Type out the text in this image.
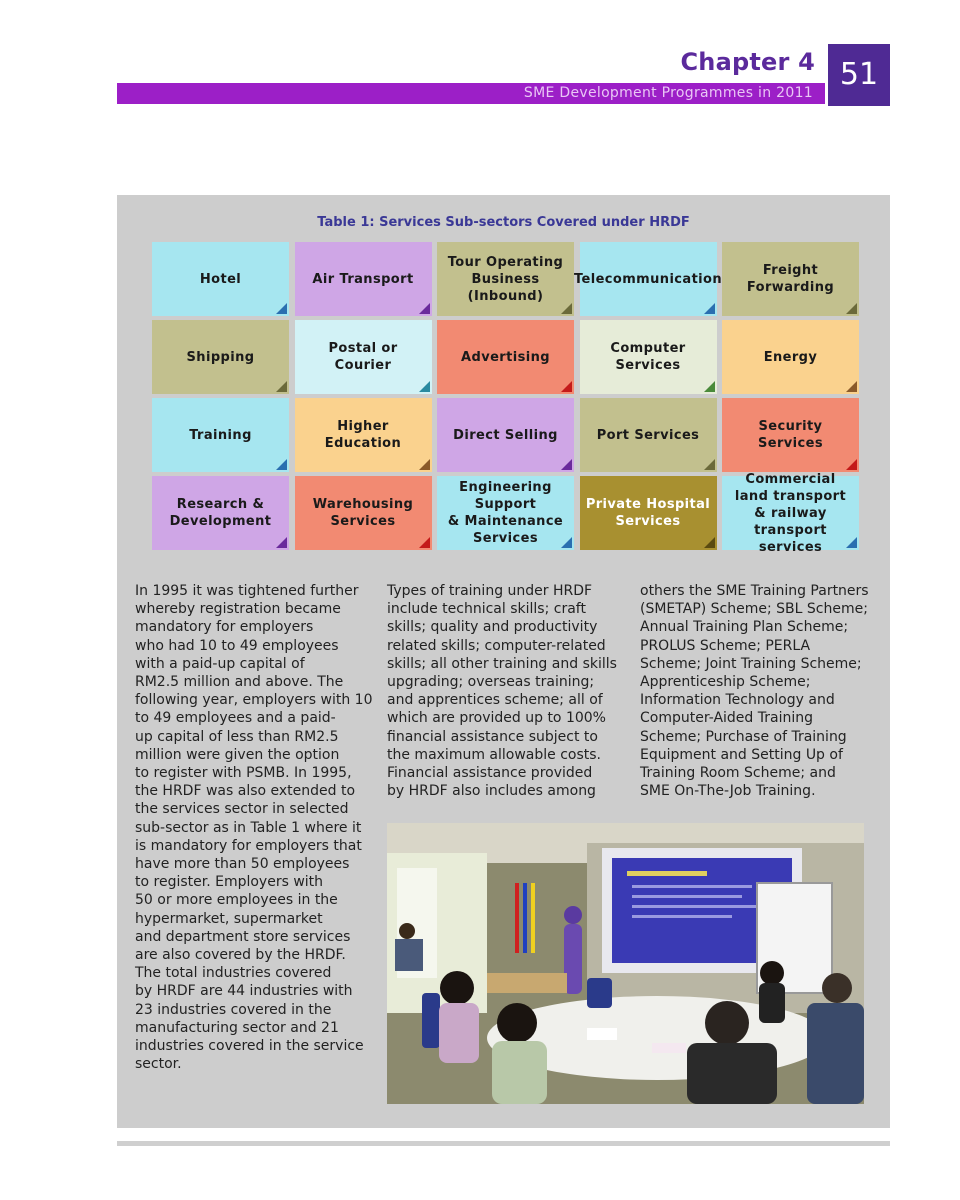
Chapter 4
SME Development Programmes in 2011
51
Table 1: Services Sub-sectors Covered under HRDF
Hotel	Air Transport
Tour Operating
Business
(Inbound)
Telecommunication
Freight
Forwarding
Shipping
Postal or
Courier
Advertising
Computer
Services
Energy
Training
Higher
Education
Direct Selling	Port Services
Security
Services
Research &
Development
Warehousing
Services
Engineering
Support
& Maintenance
Services
Private Hospital
Services
Commercial
land transport
& railway transport
services

In 1995 it was tightened further
whereby registration became
mandatory for employers
who had 10 to 49 employees
with a paid-up capital of
RM2.5 million and above. The
following year, employers with 10
to 49 employees and a paid-
up capital of less than RM2.5
million were given the option
to register with PSMB. In 1995,
the HRDF was also extended to
the services sector in selected
sub-sector as in Table 1 where it
is mandatory for employers that
have more than 50 employees
to register. Employers with
50 or more employees in the
hypermarket, supermarket
and department store services
are also covered by the HRDF.
The total industries covered
by HRDF are 44 industries with
23 industries covered in the
manufacturing sector and 21
industries covered in the service
sector.

Types of training under HRDF
include technical skills; craft
skills; quality and productivity
related skills; computer-related
skills; all other training and skills
upgrading; overseas training;
and apprentices scheme; all of
which are provided up to 100%
financial assistance subject to
the maximum allowable costs.
Financial assistance provided
by HRDF also includes among

others the SME Training Partners
(SMETAP) Scheme; SBL Scheme;
Annual Training Plan Scheme;
PROLUS Scheme; PERLA
Scheme; Joint Training Scheme;
Apprenticeship Scheme;
Information Technology and
Computer-Aided Training
Scheme; Purchase of Training
Equipment and Setting Up of
Training Room Scheme; and
SME On-The-Job Training.
